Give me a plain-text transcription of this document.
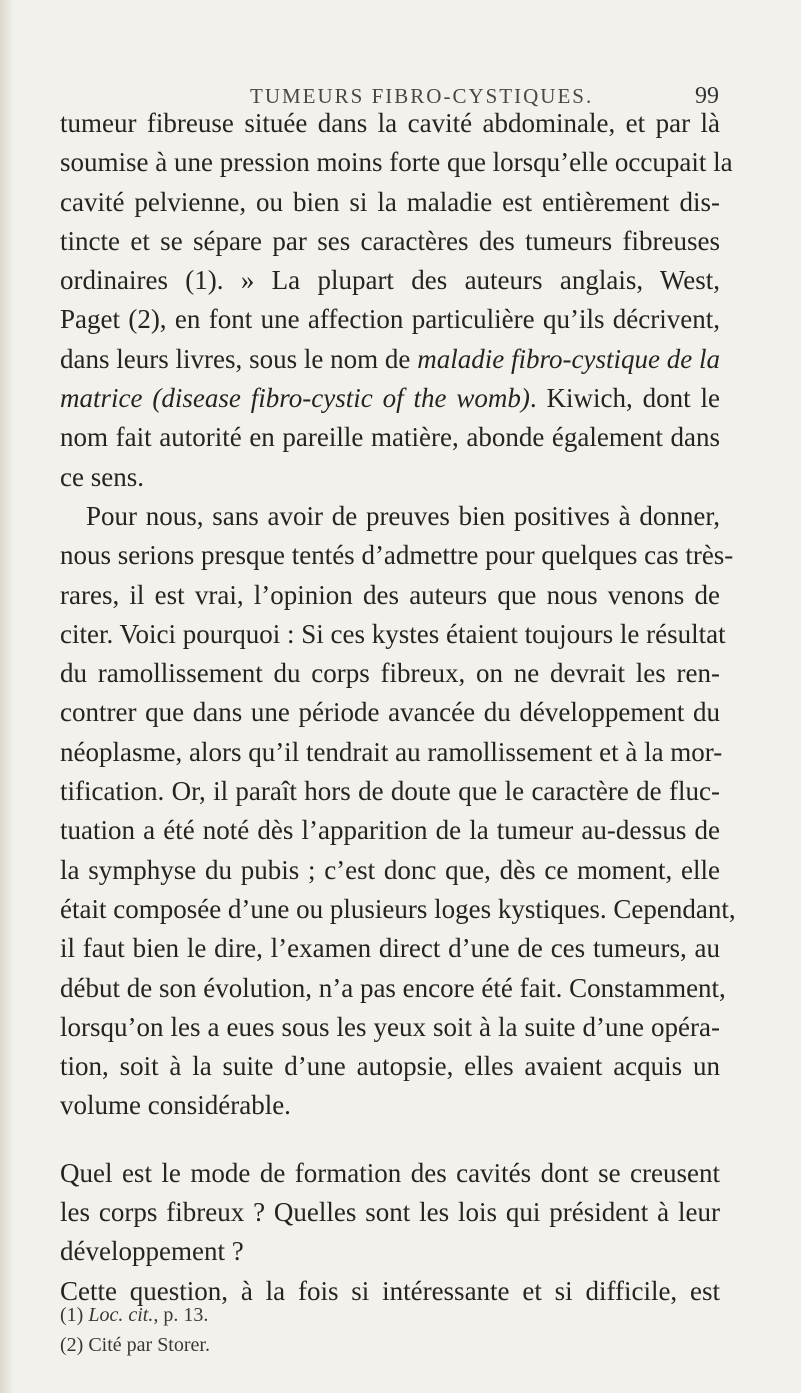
TUMEURS FIBRO-CYSTIQUES.	99
tumeur fibreuse située dans la cavité abdominale, et par là
soumise à une pression moins forte que lorsqu’elle occupait la
cavité pelvienne, ou bien si la maladie est entièrement dis-
tincte et se sépare par ses caractères des tumeurs fibreuses
ordinaires (1). » La plupart des auteurs anglais, West,
Paget (2), en font une affection particulière qu’ils décrivent,
dans leurs livres, sous le nom de maladie fibro-cystique de la
matrice (disease fibro-cystic of the womb). Kiwich, dont le
nom fait autorité en pareille matière, abonde également dans
ce sens.
Pour nous, sans avoir de preuves bien positives à donner,
nous serions presque tentés d’admettre pour quelques cas très-
rares, il est vrai, l’opinion des auteurs que nous venons de
citer. Voici pourquoi : Si ces kystes étaient toujours le résultat
du ramollissement du corps fibreux, on ne devrait les ren-
contrer que dans une période avancée du développement du
néoplasme, alors qu’il tendrait au ramollissement et à la mor-
tification. Or, il paraît hors de doute que le caractère de fluc-
tuation a été noté dès l’apparition de la tumeur au-dessus de
la symphyse du pubis ; c’est donc que, dès ce moment, elle
était composée d’une ou plusieurs loges kystiques. Cependant,
il faut bien le dire, l’examen direct d’une de ces tumeurs, au
début de son évolution, n’a pas encore été fait. Constamment,
lorsqu’on les a eues sous les yeux soit à la suite d’une opéra-
tion, soit à la suite d’une autopsie, elles avaient acquis un
volume considérable.
Quel est le mode de formation des cavités dont se creusent
les corps fibreux ? Quelles sont les lois qui président à leur
développement ?
Cette question, à la fois si intéressante et si difficile, est
(1) Loc. cit., p. 13.
(2) Cité par Storer.
